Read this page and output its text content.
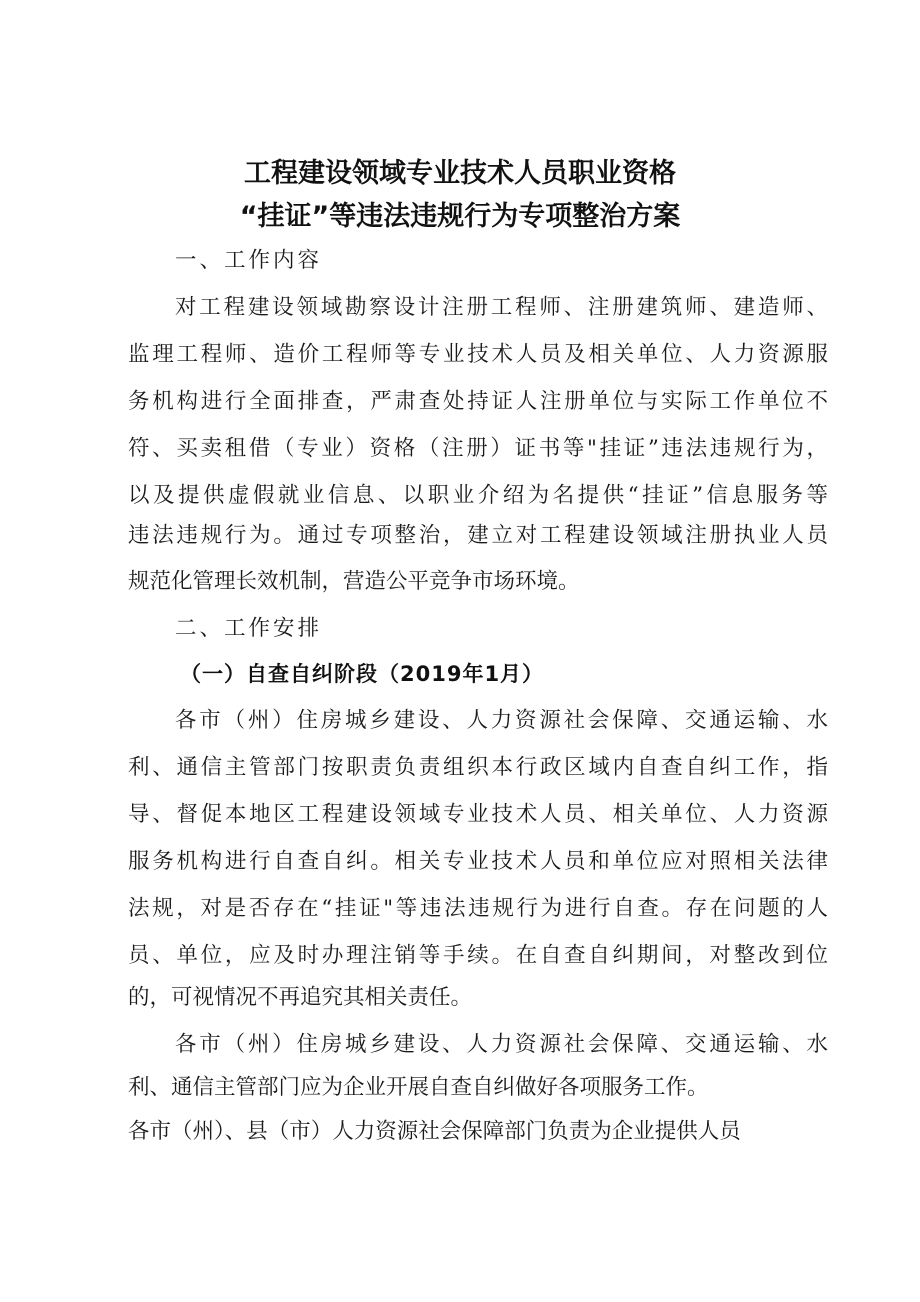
工程建设领域专业技术人员职业资格
“挂证”等违法违规行为专项整治方案
一、工作内容
对工程建设领域勘察设计注册工程师、注册建筑师、建造师、
监理工程师、造价工程师等专业技术人员及相关单位、人力资源服
务机构进行全面排查，严肃查处持证人注册单位与实际工作单位不
符、买卖租借（专业）资格（注册）证书等"挂证”违法违规行为，
以及提供虚假就业信息、以职业介绍为名提供“挂证”信息服务等
违法违规行为。通过专项整治，建立对工程建设领域注册执业人员
规范化管理长效机制，营造公平竞争市场环境。
二、工作安排
（一）自查自纠阶段（2019年1月）
各市（州）住房城乡建设、人力资源社会保障、交通运输、水
利、通信主管部门按职责负责组织本行政区域内自查自纠工作，指
导、督促本地区工程建设领域专业技术人员、相关单位、人力资源
服务机构进行自查自纠。相关专业技术人员和单位应对照相关法律
法规，对是否存在“挂证"等违法违规行为进行自查。存在问题的人
员、单位，应及时办理注销等手续。在自查自纠期间，对整改到位
的，可视情况不再追究其相关责任。
各市（州）住房城乡建设、人力资源社会保障、交通运输、水
利、通信主管部门应为企业开展自查自纠做好各项服务工作。
各市（州）、县（市）人力资源社会保障部门负责为企业提供人员
